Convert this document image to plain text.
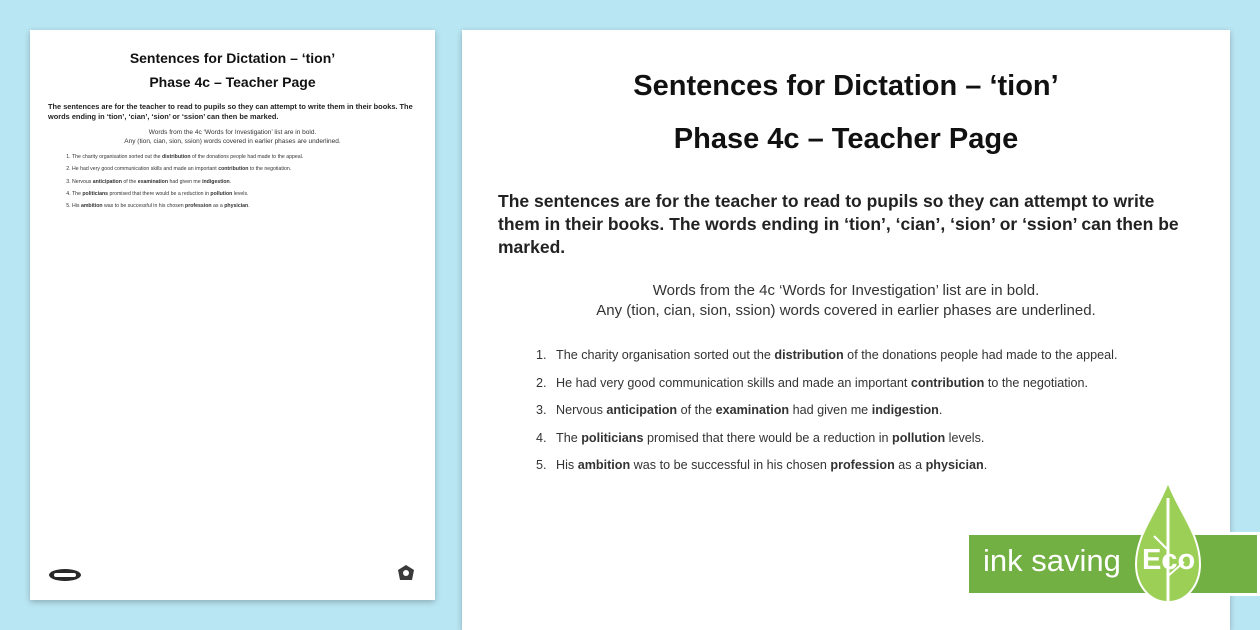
Sentences for Dictation – ‘tion’
Phase 4c – Teacher Page
The sentences are for the teacher to read to pupils so they can attempt to write them in their books. The words ending in ‘tion’, ‘cian’, ‘sion’ or ‘ssion’ can then be marked.
Words from the 4c ‘Words for Investigation’ list are in bold.
Any (tion, cian, sion, ssion) words covered in earlier phases are underlined.
1. The charity organisation sorted out the distribution of the donations people had made to the appeal.
2. He had very good communication skills and made an important contribution to the negotiation.
3. Nervous anticipation of the examination had given me indigestion.
4. The politicians promised that there would be a reduction in pollution levels.
5. His ambition was to be successful in his chosen profession as a physician.
Sentences for Dictation – ‘tion’
Phase 4c – Teacher Page
The sentences are for the teacher to read to pupils so they can attempt to write them in their books. The words ending in ‘tion’, ‘cian’, ‘sion’ or ‘ssion’ can then be marked.
Words from the 4c ‘Words for Investigation’ list are in bold.
Any (tion, cian, sion, ssion) words covered in earlier phases are underlined.
1. The charity organisation sorted out the distribution of the donations people had made to the appeal.
2. He had very good communication skills and made an important contribution to the negotiation.
3. Nervous anticipation of the examination had given me indigestion.
4. The politicians promised that there would be a reduction in pollution levels.
5. His ambition was to be successful in his chosen profession as a physician.
ink saving Eco
